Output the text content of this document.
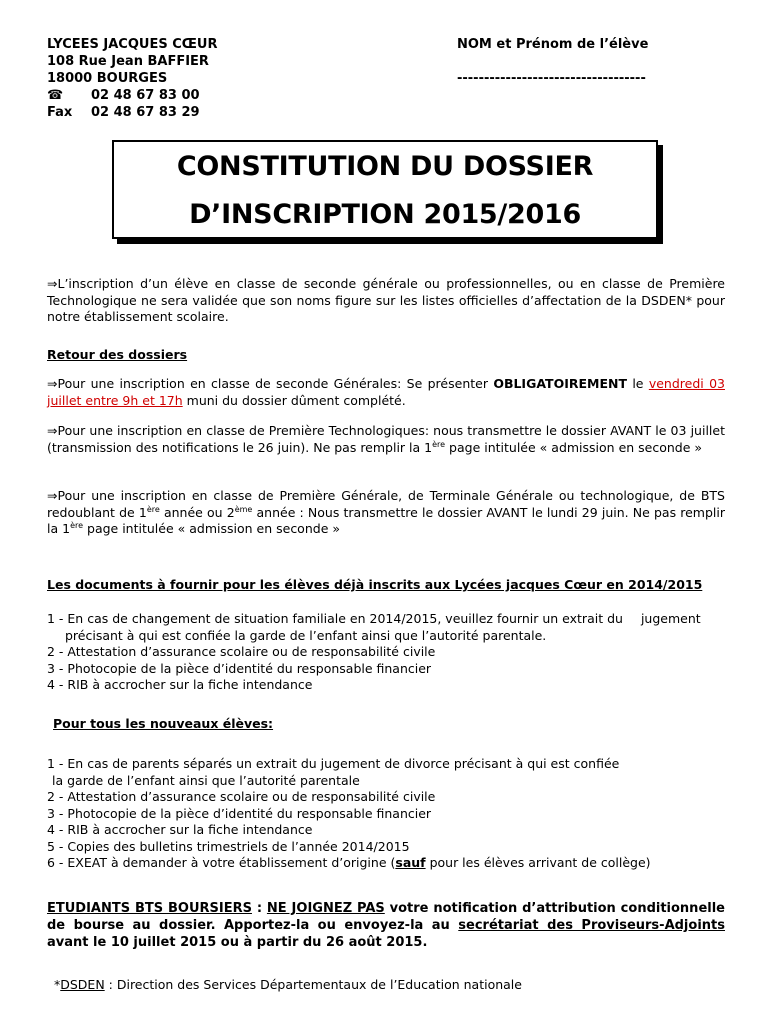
LYCEES JACQUES CŒUR
108 Rue Jean BAFFIER
18000 BOURGES
☎ 02 48 67 83 00
Fax 02 48 67 83 29
NOM et Prénom de l’élève
-----------------------------------
CONSTITUTION DU DOSSIER
D’INSCRIPTION 2015/2016
⇒L’inscription d’un élève en classe de seconde générale ou professionnelles, ou en classe de Première Technologique ne sera validée que son noms figure sur les listes officielles d’affectation de la DSDEN* pour notre établissement scolaire.
Retour des dossiers
⇒Pour une inscription en classe de seconde Générales: Se présenter OBLIGATOIREMENT le vendredi 03 juillet entre 9h et 17h muni du dossier dûment complété.
⇒Pour une inscription en classe de Première Technologiques: nous transmettre le dossier AVANT le 03 juillet (transmission des notifications le 26 juin). Ne pas remplir la 1ère page intitulée « admission en seconde »
⇒Pour une inscription en classe de Première Générale, de Terminale Générale ou technologique, de BTS redoublant de 1ère année ou 2ème année : Nous transmettre le dossier AVANT le lundi 29 juin. Ne pas remplir la 1ère page intitulée « admission en seconde »
Les documents à fournir pour les élèves déjà inscrits aux Lycées jacques Cœur en 2014/2015
1 - En cas de changement de situation familiale en 2014/2015, veuillez fournir un extrait du jugement
précisant à qui est confiée la garde de l’enfant ainsi que l’autorité parentale.
2 - Attestation d’assurance scolaire ou de responsabilité civile
3 - Photocopie de la pièce d’identité du responsable financier
4 - RIB à accrocher sur la fiche intendance
Pour tous les nouveaux élèves:
1 - En cas de parents séparés un extrait du jugement de divorce précisant à qui est confiée
la garde de l’enfant ainsi que l’autorité parentale
2 - Attestation d’assurance scolaire ou de responsabilité civile
3 - Photocopie de la pièce d’identité du responsable financier
4 - RIB à accrocher sur la fiche intendance
5 - Copies des bulletins trimestriels de l’année 2014/2015
6 - EXEAT à demander à votre établissement d’origine (sauf pour les élèves arrivant de collège)
ETUDIANTS BTS BOURSIERS : NE JOIGNEZ PAS votre notification d’attribution conditionnelle de bourse au dossier. Apportez-la ou envoyez-la au secrétariat des Proviseurs-Adjoints avant le 10 juillet 2015 ou à partir du 26 août 2015.
*DSDEN : Direction des Services Départementaux de l’Education nationale
